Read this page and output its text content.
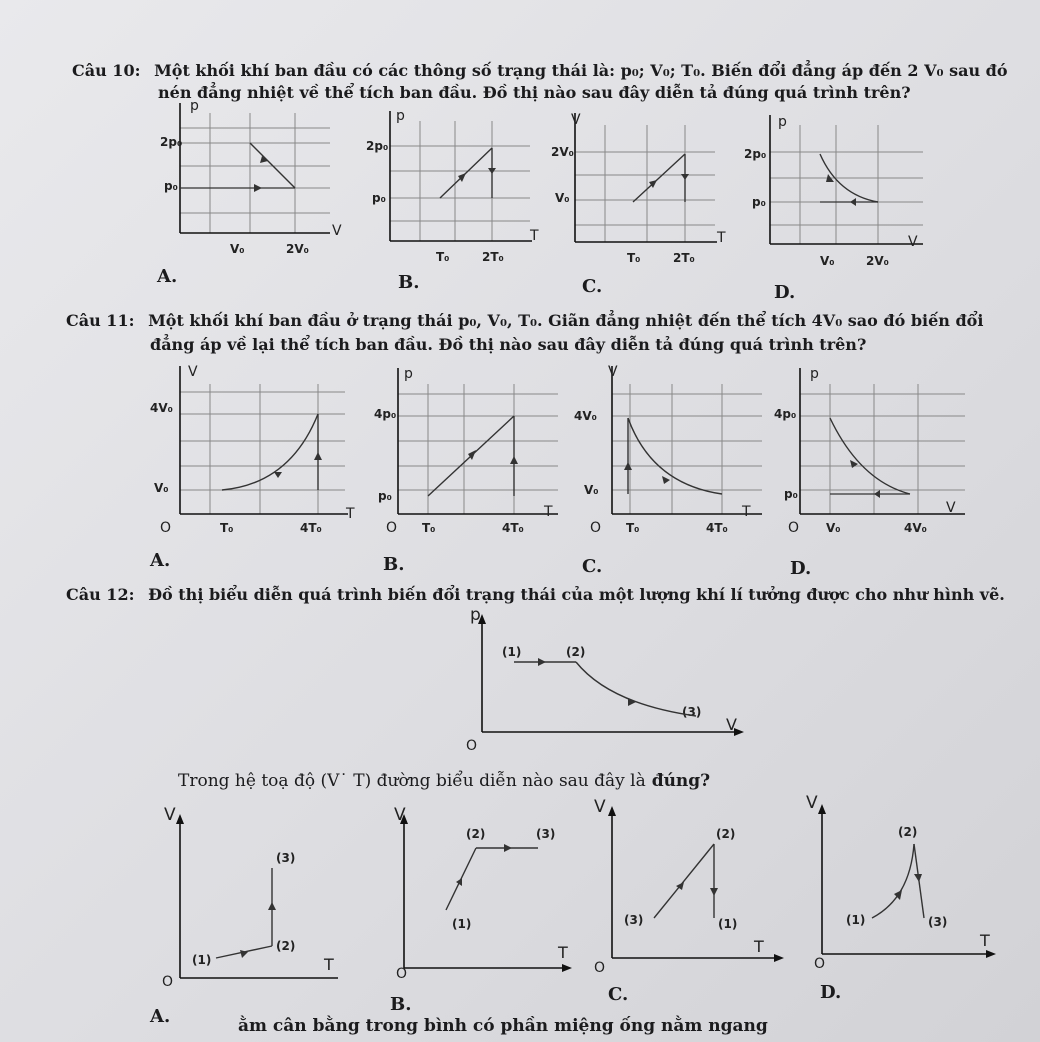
Câu 10: Một khối khí ban đầu có các thông số trạng thái là: p₀; V₀; T₀. Biến đổi đẳng áp đến 2 V₀ sau đó
nén đẳng nhiệt về thể tích ban đầu. Đồ thị nào sau đây diễn tả đúng quá trình trên?
p
V
2p₀
p₀
V₀	2V₀
p
T
2p₀
p₀
T₀	2T₀
V
T
2V₀
V₀
T₀	2T₀
p
V
2p₀
p₀
V₀	2V₀
A.	B.	C.	D.
Câu 11: Một khối khí ban đầu ở trạng thái p₀, V₀, T₀. Giãn đẳng nhiệt đến thể tích 4V₀ sao đó biến đổi
đẳng áp về lại thể tích ban đầu. Đồ thị nào sau đây diễn tả đúng quá trình trên?
V
T
O
4V₀
V₀
T₀	4T₀
p
T
O
4p₀
p₀
T₀	4T₀
V
T
O
4V₀
V₀
T₀	4T₀
p
V
O
4p₀
p₀
V₀	4V₀
A.	B.	C.	D.
Câu 12: Đồ thị biểu diễn quá trình biến đổi trạng thái của một lượng khí lí tưởng được cho như hình vẽ.
p
V
O
(1)	(2)
(3)
Trong hệ toạ độ (V˙ T) đường biểu diễn nào sau đây là đúng?
V
T
O
(1)
(2)
(3)
V
T
O
(1)
(2)	(3)
V
T
O
(2)
(3)	(1)
V
T
O
(2)
(1)	(3)
A.
B.	C.	D.
ằm cân bằng trong bình có phần miệng ống nằm ngang
